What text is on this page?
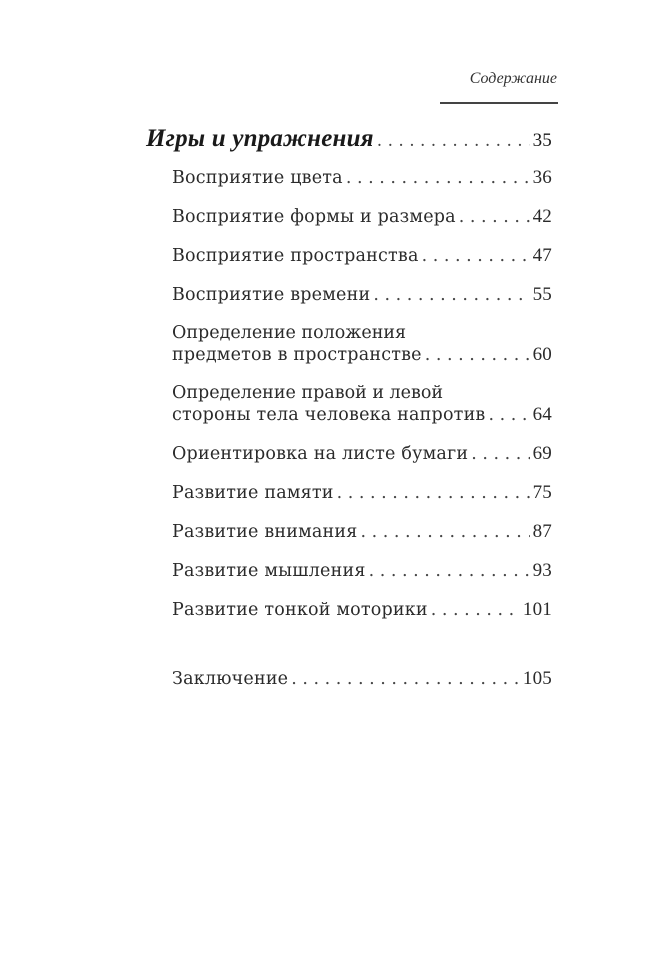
Содержание
Игры и упражнения . . .	35
Восприятие цвета . . .	36
Восприятие формы и размера . . .	42
Восприятие пространства . . .	47
Восприятие времени . . .	55
Определение положения
предметов в пространстве . . .	60
Определение правой и левой
стороны тела человека напротив . . . 64
Ориентировка на листе бумаги . . .	69
Развитие памяти . . .	75
Развитие внимания . . .	87
Развитие мышления . . .	93
Развитие тонкой моторики . . .	101
Заключение . . .	105
